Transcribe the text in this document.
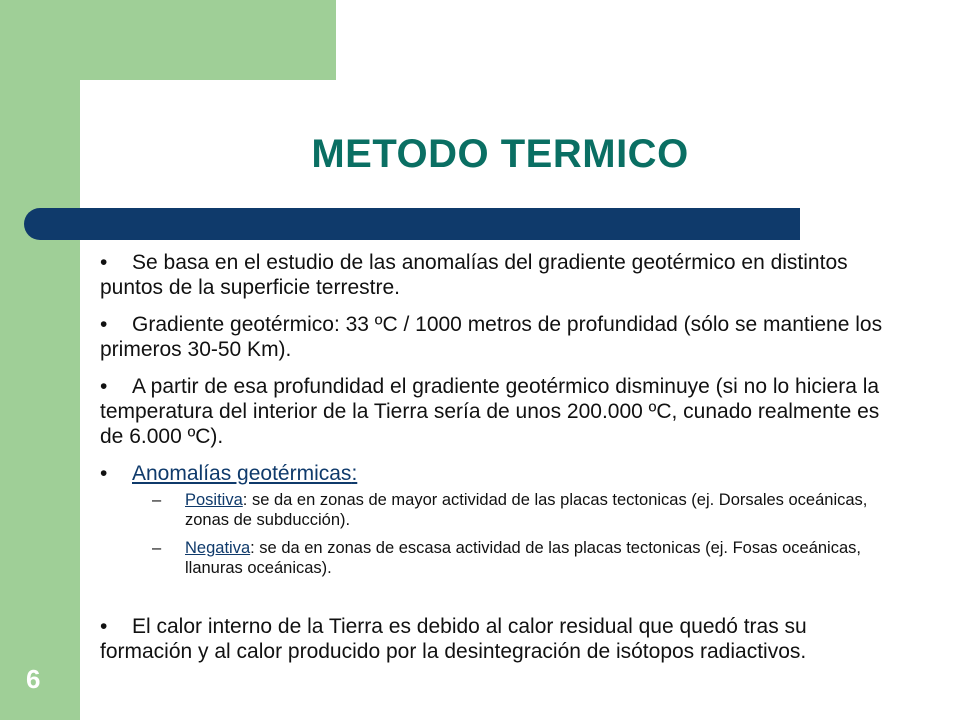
6
METODO TERMICO

• Se basa en el estudio de las anomalías del gradiente geotérmico en distintos puntos de la superficie terrestre.

• Gradiente geotérmico: 33 ºC / 1000 metros de profundidad (sólo se mantiene los primeros 30-50 Km).

• A partir de esa profundidad el gradiente geotérmico disminuye (si no lo hiciera la temperatura del interior de la Tierra sería de unos 200.000 ºC, cunado realmente es de 6.000 ºC).

• Anomalías geotérmicas:

– Positiva: se da en zonas de mayor actividad de las placas tectonicas (ej. Dorsales oceánicas, zonas de subducción).

– Negativa: se da en zonas de escasa actividad de las placas tectonicas (ej. Fosas oceánicas, llanuras oceánicas).

• El calor interno de la Tierra es debido al calor residual que quedó tras su formación y al calor producido por la desintegración de isótopos radiactivos.
